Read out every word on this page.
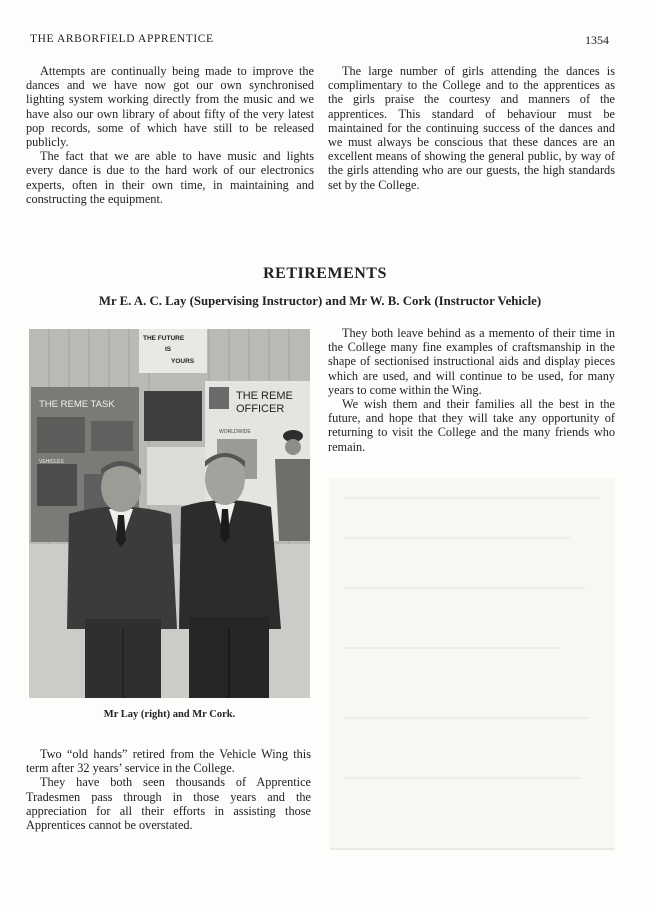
THE ARBORFIELD APPRENTICE	1354

Attempts are continually being made to improve the dances and we have now got our own synchronised lighting system working directly from the music and we have also our own library of about fifty of the very latest pop records, some of which have still to be released publicly.

The fact that we are able to have music and lights every dance is due to the hard work of our electronics experts, often in their own time, in maintaining and constructing the equipment.

The large number of girls attending the dances is complimentary to the College and to the apprentices as the girls praise the courtesy and manners of the apprentices. This standard of behaviour must be maintained for the continuing success of the dances and we must always be conscious that these dances are an excellent means of showing the general public, by way of the girls attending who are our guests, the high standards set by the College.

RETIREMENTS
Mr E. A. C. Lay (Supervising Instructor) and Mr W. B. Cork (Instructor Vehicle)
THE REME TASK
VEHICLES
THE FUTURE
IS
YOURS
THE REME
OFFICER
WORLDWIDE
Mr Lay (right) and Mr Cork.

They both leave behind as a memento of their time in the College many fine examples of craftsmanship in the shape of sectionised instructional aids and display pieces which are used, and will continue to be used, for many years to come within the Wing.

We wish them and their families all the best in the future, and hope that they will take any opportunity of returning to visit the College and the many friends who remain.

Two “old hands” retired from the Vehicle Wing this term after 32 years’ service in the College.

They have both seen thousands of Apprentice Tradesmen pass through in those years and the appreciation for all their efforts in assisting those Apprentices cannot be overstated.
